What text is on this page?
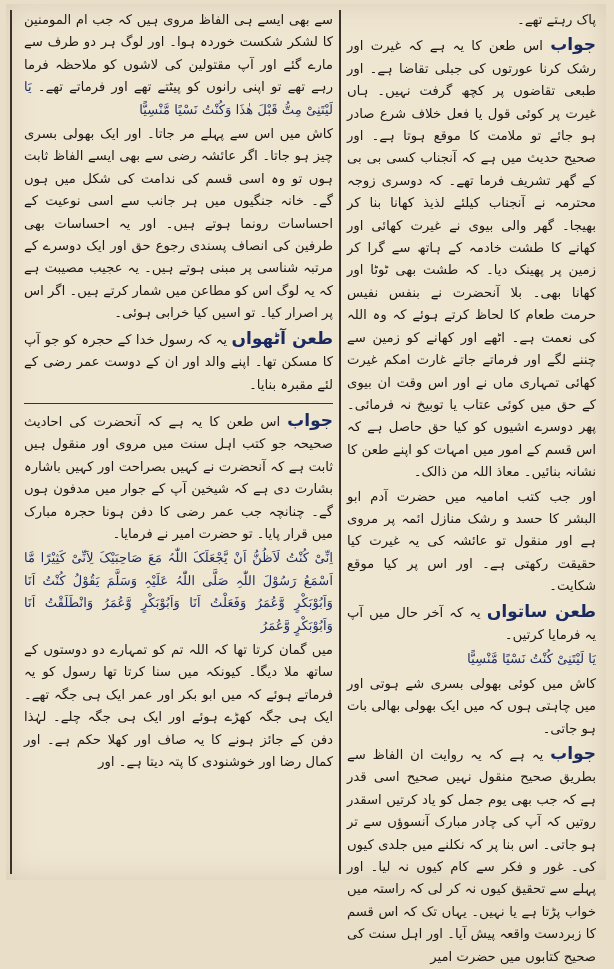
پاک رہتے تھے۔

جواب اس طعن کا یہ ہے کہ غیرت اور رشک کرنا عورتوں کی جبلی تقاضا ہے۔ اور طبعی تقاضوں پر کچھ گرفت نہیں۔ ہاں غیرت پر کوئی قول یا فعل خلاف شرع صادر ہو جائے تو ملامت کا موقع ہوتا ہے۔ اور صحیح حدیث میں ہے کہ آنجناب کسی بی بی کے گھر تشریف فرما تھے۔ کہ دوسری زوجہ محترمہ نے آنجناب کیلئے لذیذ کھانا بنا کر بھیجا۔ گھر والی بیوی نے غیرت کھائی اور کھانے کا طشت خادمہ کے ہاتھ سے گرا کر زمین پر پھینک دیا۔ کہ طشت بھی ٹوٹا اور کھانا بھی۔ بلا آنحضرت نے بنفس نفیس حرمت طعام کا لحاظ کرتے ہوئے کہ وہ اللہ کی نعمت ہے۔ اٹھے اور کھانے کو زمین سے چننے لگے اور فرماتے جاتے غارت امکم غیرت کھائی تمہاری ماں نے اور اس وقت ان بیوی کے حق میں کوئی عتاب یا توبیخ نہ فرمائی۔ پھر دوسرے اشیوں کو کیا حق حاصل ہے کہ اس قسم کے امور میں امہات کو اپنے طعن کا نشانہ بنائیں۔ معاذ اللہ من ذالک۔

اور جب کتب امامیہ میں حضرت آدم ابو البشر کا حسد و رشک منازل ائمہ پر مروی ہے اور منقول تو عائشہ کی یہ غیرت کیا حقیقت رکھتی ہے۔ اور اس پر کیا موقع شکایت۔

طعن ساتواں یہ کہ آخر حال میں آپ یہ فرمایا کرتیں۔

یَا لَیْتَنِیْ کُنْتُ نَسْیًا مَّنْسِیًّا

کاش میں کوئی بھولی بسری شے ہوتی اور میں چاہتی ہوں کہ میں ایک بھولی بھالی بات ہو جاتی۔

جواب یہ ہے کہ یہ روایت ان الفاظ سے بطریق صحیح منقول نہیں صحیح اسی قدر ہے کہ جب بھی یوم جمل کو یاد کرتیں اسقدر روتیں کہ آپ کی چادر مبارک آنسوؤں سے تر ہو جاتی۔ اس بنا پر کہ نکلنے میں جلدی کیوں کی۔ غور و فکر سے کام کیوں نہ لیا۔ اور پہلے سے تحقیق کیوں نہ کر لی کہ راستہ میں خواب پڑتا ہے یا نہیں۔ یہاں تک کہ اس قسم کا زبردست واقعہ پیش آیا۔ اور اہل سنت کی صحیح کتابوں میں حضرت امیر

سے بھی ایسے ہی الفاظ مروی ہیں کہ جب ام المومنین کا لشکر شکست خوردہ ہوا۔ اور لوگ ہر دو طرف سے مارے گئے اور آپ مقتولین کی لاشوں کو ملاحظہ فرما رہے تھے تو اپنی رانوں کو پیٹتے تھے اور فرماتے تھے۔ یَا لَیْتَنِیْ مِتُّ قَبْلَ ھٰذَا وَکُنْتُ نَسْیًا مَّنْسِیًّا

کاش میں اس سے پہلے مر جاتا۔ اور ایک بھولی بسری چیز ہو جاتا۔ اگر عائشہ رضی سے بھی ایسے الفاظ ثابت ہوں تو وہ اسی قسم کی ندامت کی شکل میں ہوں گے۔ خانہ جنگیوں میں ہر جانب سے اسی نوعیت کے احساسات رونما ہوتے ہیں۔ اور یہ احساسات بھی طرفین کی انصاف پسندی رجوع حق اور ایک دوسرے کے مرتبہ شناسی پر مبنی ہوتے ہیں۔ یہ عجیب مصیبت ہے کہ یہ لوگ اس کو مطاعن میں شمار کرتے ہیں۔ اگر اس پر اصرار کیا۔ تو اسیں کیا خرابی ہوئی۔

طعن آٹھواں یہ کہ رسول خدا کے حجرہ کو جو آپ کا مسکن تھا۔ اپنے والد اور ان کے دوست عمر رضی کے لئے مقبرہ بنایا۔

جواب اس طعن کا یہ ہے کہ آنحضرت کی احادیث صحیحہ جو کتب اہل سنت میں مروی اور منقول ہیں ثابت ہے کہ آنحضرت نے کہیں بصراحت اور کہیں باشارہ بشارت دی ہے کہ شیخین آپ کے جوار میں مدفون ہوں گے۔ چنانچہ جب عمر رضی کا دفن ہونا حجرہ مبارک میں قرار پایا۔ تو حضرت امیر نے فرمایا۔

اِنِّیْ کُنْتُ لَاَظُنُّ اَنْ یَّجْعَلَکَ اللّٰہُ مَعَ صَاحِبَیْکَ لِاَنِّیْ کَثِیْرًا مَّا اَسْمَعُ رَسُوْلَ اللّٰہِ صَلَّی اللّٰہُ عَلَیْہِ وَسَلَّمَ یَقُوْلُ کُنْتُ اَنَا وَاَبُوْبَکْرٍ وَّعُمَرُ وَفَعَلْتُ اَنَا وَاَبُوْبَکْرٍ وَّعُمَرُ وَانْطَلَقْتُ اَنَا وَاَبُوْبَکْرٍ وَّعُمَرُ

میں گمان کرتا تھا کہ اللہ تم کو تمہارے دو دوستوں کے ساتھ ملا دیگا۔ کیونکہ میں سنا کرتا تھا رسول کو یہ فرماتے ہوئے کہ میں ابو بکر اور عمر ایک ہی جگہ تھے۔ ایک ہی جگہ کھڑے ہوئے اور ایک ہی جگہ چلے۔ لہٰذا دفن کے جائز ہونے کا یہ صاف اور کھلا حکم ہے۔ اور کمال رضا اور خوشنودی کا پتہ دیتا ہے۔ اور
